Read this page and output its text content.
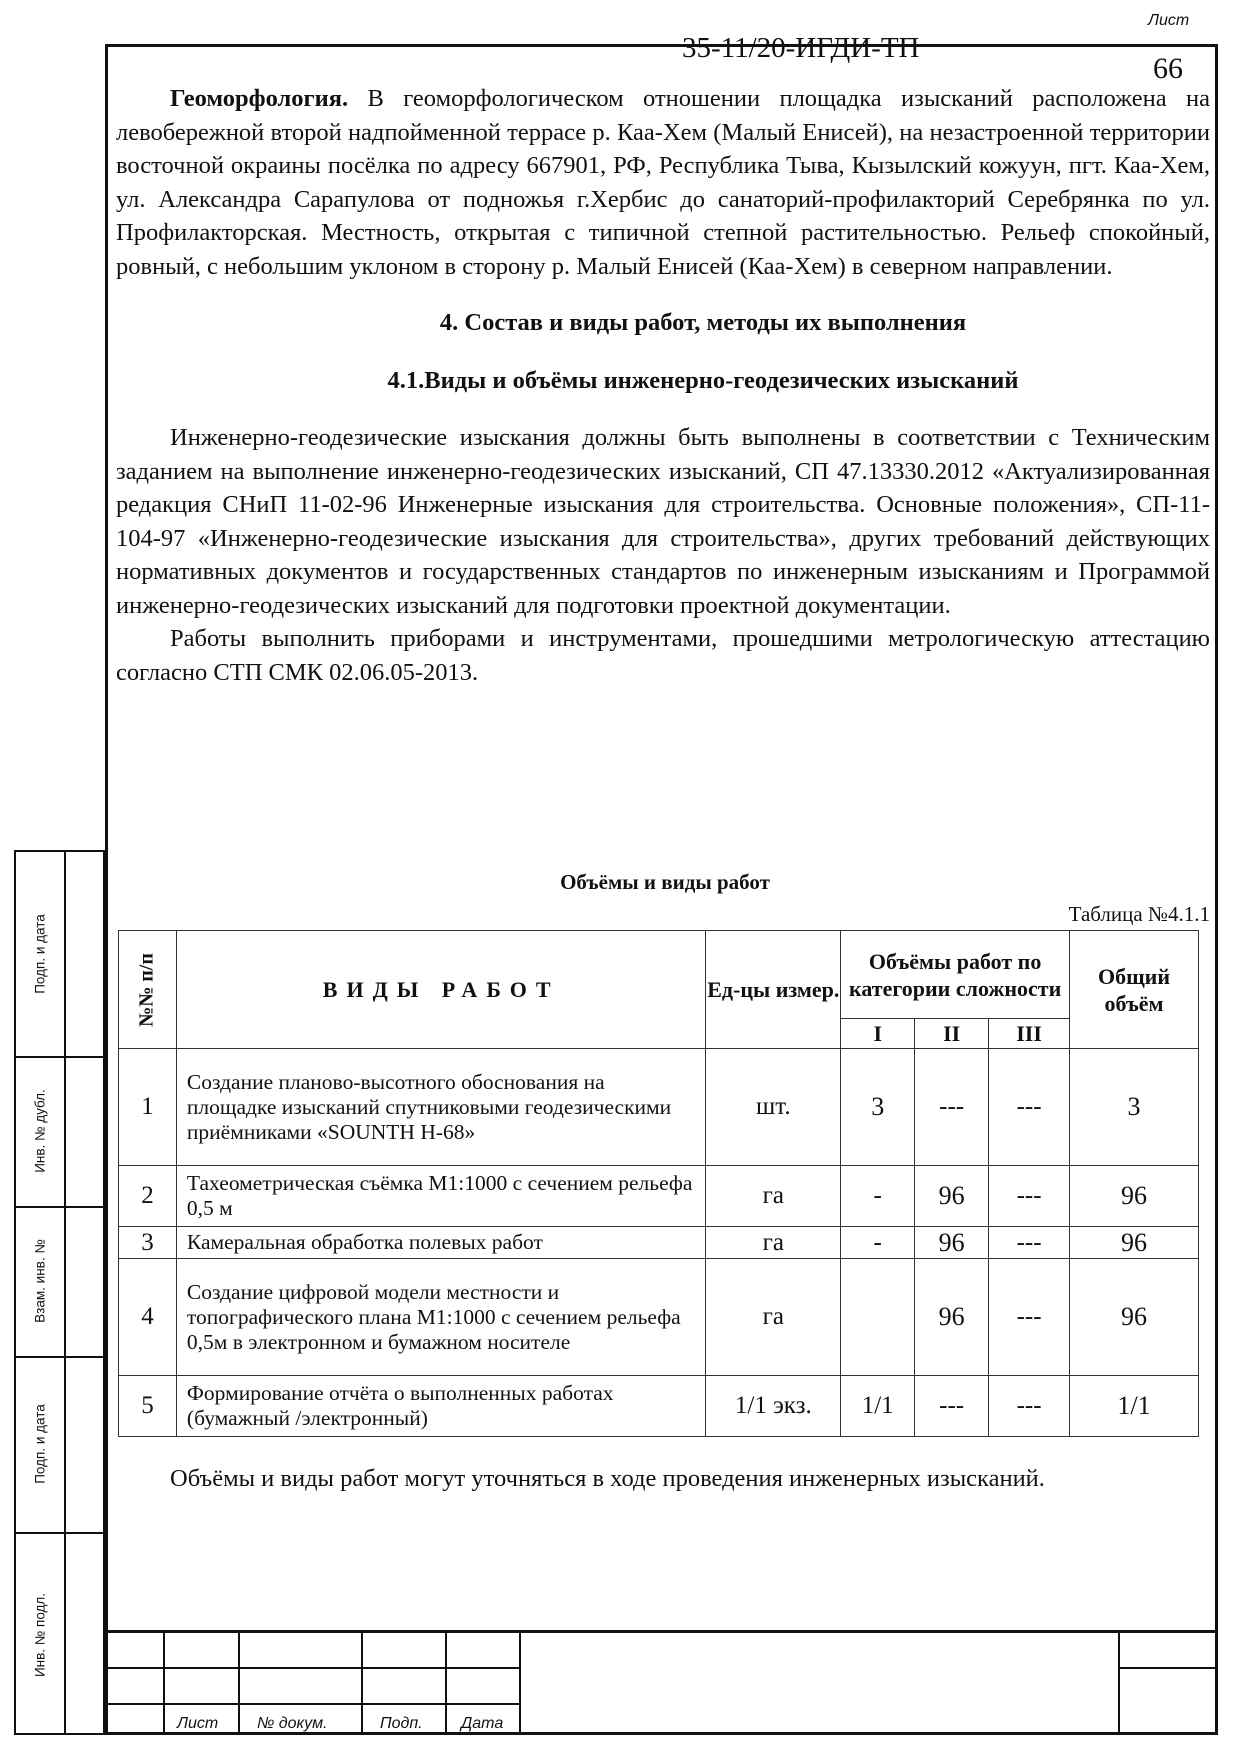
Геоморфология. В геоморфологическом отношении площадка изысканий расположена на левобережной второй надпойменной террасе р. Каа-Хем (Малый Енисей), на незастроенной территории восточной окраины посёлка по адресу 667901, РФ, Республика Тыва, Кызылский кожуун, пгт. Каа-Хем, ул. Александра Сарапулова от подножья г.Хербис до санаторий-профилакторий Серебрянка по ул. Профилакторская. Местность, открытая с типичной степной растительностью. Рельеф спокойный, ровный, с небольшим уклоном в сторону р. Малый Енисей (Каа-Хем) в северном направлении.

4. Состав и виды работ, методы их выполнения
4.1.Виды и объёмы инженерно-геодезических изысканий

Инженерно-геодезические изыскания должны быть выполнены в соответствии с Техническим заданием на выполнение инженерно-геодезических изысканий, СП 47.13330.2012 «Актуализированная редакция СНиП 11-02-96 Инженерные изыскания для строительства. Основные положения», СП-11-104-97 «Инженерно-геодезические изыскания для строительства», других требований действующих нормативных документов и государственных стандартов по инженерным изысканиям и Программой инженерно-геодезических изысканий для подготовки проектной документации.

Работы выполнить приборами и инструментами, прошедшими метрологическую аттестацию согласно СТП СМК 02.06.05-2013.

Объёмы и виды работ
Таблица №4.1.1
№№ п/п	ВИДЫ РАБОТ	Ед-цы измер.	Объёмы работ по категории сложности			Общий объём
			I	II	III	
1	Создание планово-высотного обоснования на площадке изысканий спутниковыми геодезическими приёмниками «SOUNTH H-68»	шт.	3	---	---	3
2	Тахеометрическая съёмка М1:1000 с сечением рельефа 0,5 м	га	-	96	---	96
3	Камеральная обработка полевых работ	га	-	96	---	96
4	Создание цифровой модели местности и топографического плана М1:1000 с сечением рельефа 0,5м в электронном и бумажном носителе	га		96	---	96
5	Формирование отчёта о выполненных работах (бумажный /электронный)	1/1 экз.	1/1	---	---	1/1

Объёмы и виды работ могут уточняться в ходе проведения инженерных изысканий.

Подп. и дата
Инв. № дубл.
Взам. инв. №
Подп. и дата
Инв. № подл.
Лист № докум.	Подп. Дата
35-11/20-ИГДИ-ТП
Лист
66
